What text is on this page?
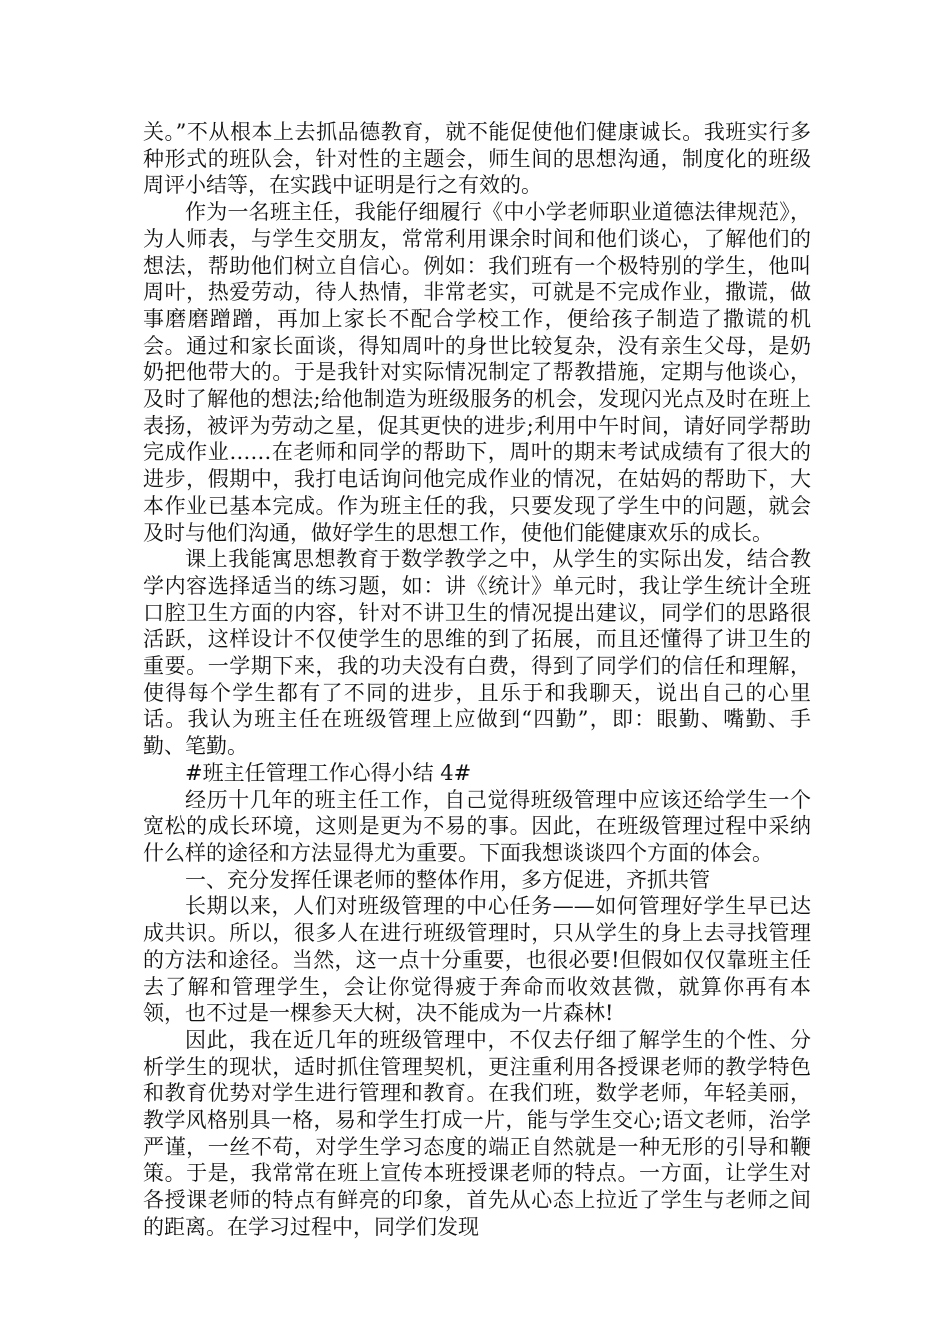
关。”不从根本上去抓品德教育，就不能促使他们健康诚长。我班实行多种形式的班队会，针对性的主题会，师生间的思想沟通，制度化的班级周评小结等，在实践中证明是行之有效的。

作为一名班主任，我能仔细履行《中小学老师职业道德法律规范》，为人师表，与学生交朋友，常常利用课余时间和他们谈心，了解他们的想法，帮助他们树立自信心。例如：我们班有一个极特别的学生，他叫周叶，热爱劳动，待人热情，非常老实，可就是不完成作业，撒谎，做事磨磨蹭蹭，再加上家长不配合学校工作，便给孩子制造了撒谎的机会。通过和家长面谈，得知周叶的身世比较复杂，没有亲生父母，是奶奶把他带大的。于是我针对实际情况制定了帮教措施，定期与他谈心，及时了解他的想法;给他制造为班级服务的机会，发现闪光点及时在班上表扬，被评为劳动之星，促其更快的进步;利用中午时间，请好同学帮助完成作业……在老师和同学的帮助下，周叶的期末考试成绩有了很大的进步，假期中，我打电话询问他完成作业的情况，在姑妈的帮助下，大本作业已基本完成。作为班主任的我，只要发现了学生中的问题，就会及时与他们沟通，做好学生的思想工作，使他们能健康欢乐的成长。

课上我能寓思想教育于数学教学之中，从学生的实际出发，结合教学内容选择适当的练习题，如：讲《统计》单元时，我让学生统计全班口腔卫生方面的内容，针对不讲卫生的情况提出建议，同学们的思路很活跃，这样设计不仅使学生的思维的到了拓展，而且还懂得了讲卫生的重要。一学期下来，我的功夫没有白费，得到了同学们的信任和理解，使得每个学生都有了不同的进步，且乐于和我聊天，说出自己的心里话。我认为班主任在班级管理上应做到“四勤”，即：眼勤、嘴勤、手勤、笔勤。

#班主任管理工作心得小结 4#

经历十几年的班主任工作，自己觉得班级管理中应该还给学生一个宽松的成长环境，这则是更为不易的事。因此，在班级管理过程中采纳什么样的途径和方法显得尤为重要。下面我想谈谈四个方面的体会。

一、充分发挥任课老师的整体作用，多方促进，齐抓共管

长期以来，人们对班级管理的中心任务——如何管理好学生早已达成共识。所以，很多人在进行班级管理时，只从学生的身上去寻找管理的方法和途径。当然，这一点十分重要，也很必要!但假如仅仅靠班主任去了解和管理学生，会让你觉得疲于奔命而收效甚微，就算你再有本领，也不过是一棵参天大树，决不能成为一片森林!

因此，我在近几年的班级管理中，不仅去仔细了解学生的个性、分析学生的现状，适时抓住管理契机，更注重利用各授课老师的教学特色和教育优势对学生进行管理和教育。在我们班，数学老师，年轻美丽，教学风格别具一格，易和学生打成一片，能与学生交心;语文老师，治学严谨，一丝不苟，对学生学习态度的端正自然就是一种无形的引导和鞭策。于是，我常常在班上宣传本班授课老师的特点。一方面，让学生对各授课老师的特点有鲜亮的印象，首先从心态上拉近了学生与老师之间的距离。在学习过程中，同学们发现
